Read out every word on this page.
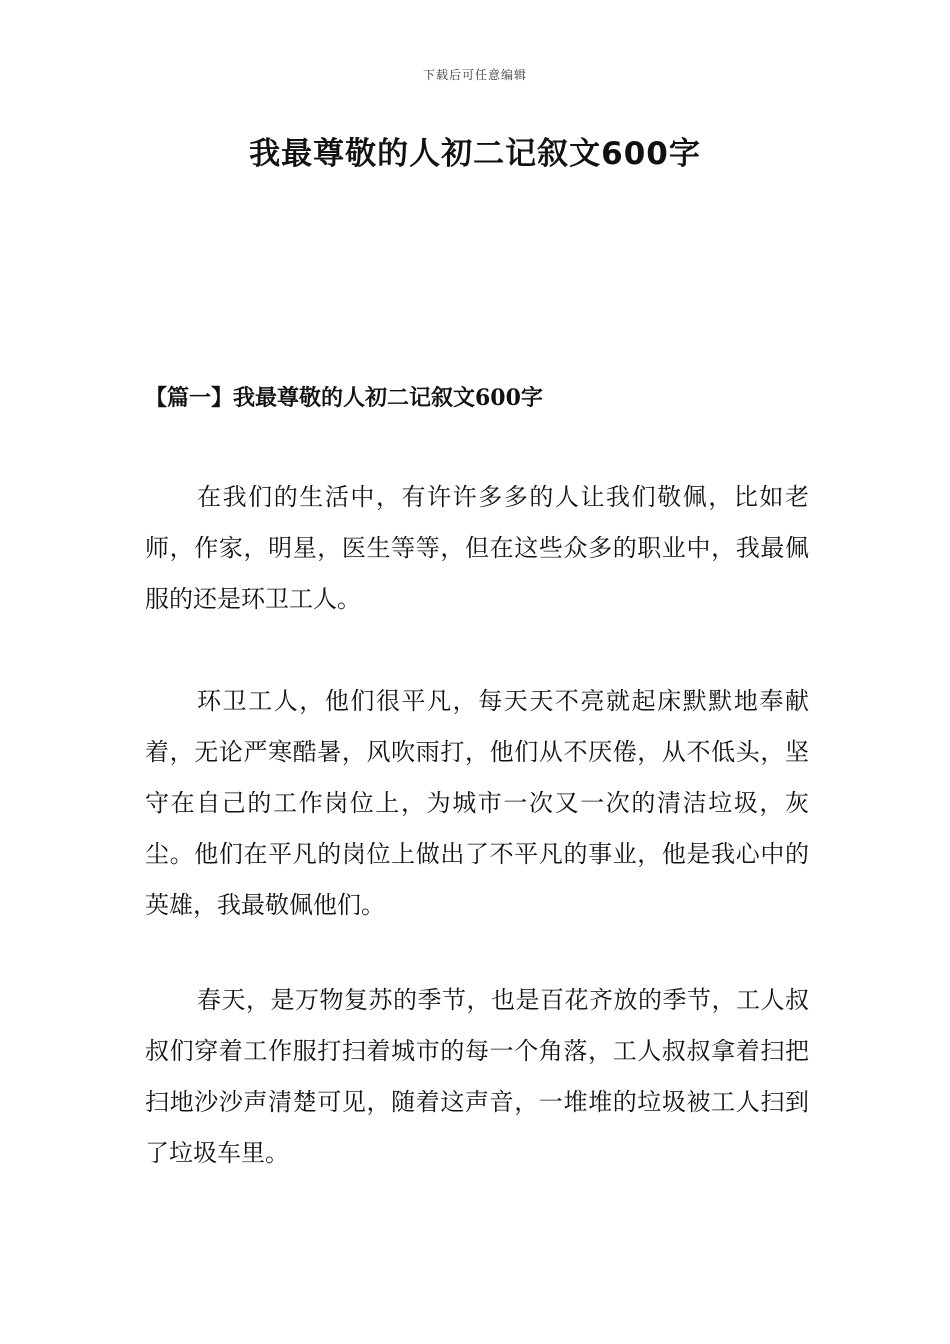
下载后可任意编辑
我最尊敬的人初二记叙文600字
【篇一】我最尊敬的人初二记叙文600字

在我们的生活中，有许许多多的人让我们敬佩，比如老师，作家，明星，医生等等，但在这些众多的职业中，我最佩服的还是环卫工人。

环卫工人，他们很平凡，每天天不亮就起床默默地奉献着，无论严寒酷暑，风吹雨打，他们从不厌倦，从不低头，坚守在自己的工作岗位上，为城市一次又一次的清洁垃圾，灰尘。他们在平凡的岗位上做出了不平凡的事业，他是我心中的英雄，我最敬佩他们。

春天，是万物复苏的季节，也是百花齐放的季节，工人叔叔们穿着工作服打扫着城市的每一个角落，工人叔叔拿着扫把扫地沙沙声清楚可见，随着这声音，一堆堆的垃圾被工人扫到了垃圾车里。
